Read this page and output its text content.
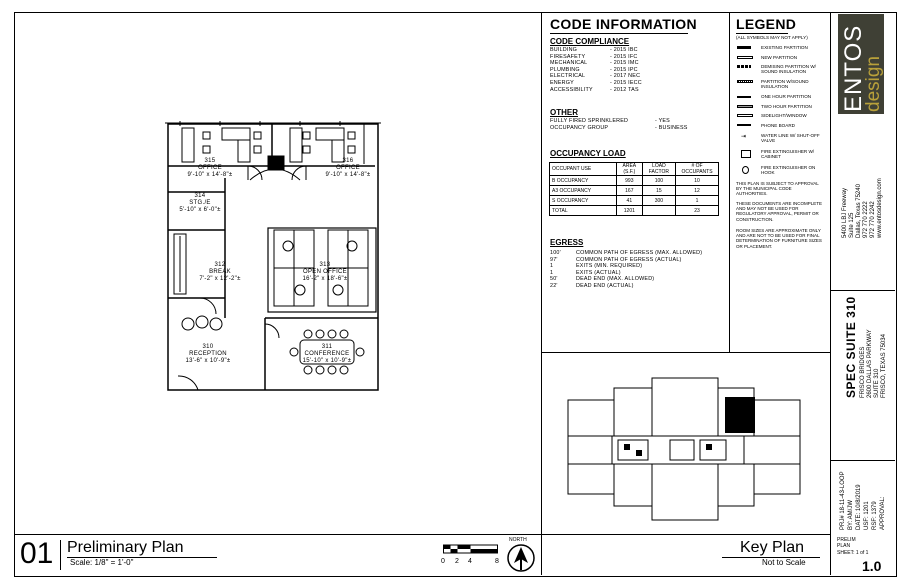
315
OFFICE
9'-10" x 14'-8"±
316
OFFICE
9'-10" x 14'-8"±
314
STG./E
5'-10" x 6'-0"±
312
BREAK
7'-2" x 12'-2"±
313
OPEN OFFICE
16'-2" x 18'-6"±
310
RECEPTION
13'-6" x 10'-9"±
311
CONFERENCE
15'-10" x 10'-9"±
01 Preliminary Plan
Scale: 1/8" = 1'-0"	0 2 4	8
NORTH
CODE INFORMATION
CODE COMPLIANCE
BUILDING	- 2015 IBC
FIRESAFETY	- 2015 IFC
MECHANICAL	- 2015 IMC
PLUMBING	- 2015 IPC
ELECTRICAL	- 2017 NEC
ENERGY	- 2015 IECC
ACCESSIBILITY	- 2012 TAS
OTHER
FULLY FIRED SPRINKLERED	- YES
OCCUPANCY GROUP	- BUSINESS
OCCUPANCY LOAD
OCCUPANT USE	AREA (S.F.)	LOAD FACTOR	# OF OCCUPANTS
B OCCUPANCY	993	100	10
A3 OCCUPANCY	167	15	12
S OCCUPANCY	41	300	1
TOTAL	1201		23
EGRESS
100'	COMMON PATH OF EGRESS (MAX. ALLOWED)
97'	COMMON PATH OF EGRESS (ACTUAL)
1	EXITS (MIN. REQUIRED)
1	EXITS (ACTUAL)
50'	DEAD END (MAX. ALLOWED)
22'	DEAD END (ACTUAL)
LEGEND
(ALL SYMBOLS MAY NOT APPLY)
EXISTING PARTITION
NEW PARTITION
DEMISING PARTITION W/ SOUND INSULATION
PARTITION W/SOUND INSULATION
ONE HOUR PARTITION
TWO HOUR PARTITION
SIDELIGHT/WINDOW
PHONE BOARD
⇥	WATER LINE W/ SHUT-OFF VALVE
FIRE EXTINGUISHER W/ CABINET
FIRE EXTINGUISHER ON HOOK
THIS PLAN IS SUBJECT TO APPROVAL BY THE MUNICIPAL CODE AUTHORITIES.
THESE DOCUMENTS ARE INCOMPLETE AND MAY NOT BE USED FOR REGULATORY APPROVAL, PERMIT OR CONSTRUCTION.
ROOM SIZES ARE APPROXIMATE ONLY AND ARE NOT TO BE USED FOR FINAL DETERMINATION OF FURNITURE SIZES OR PLACEMENT.
Key Plan
Not to Scale
ENTOS
design
5400 LBJ Freeway Suite 125 Dallas, Texas 75240 972 770 2222 972 770 2242 www.entosdesign.com
SPEC SUITE 310 FRISCO BRIDGES 2600 DALLAS PARKWAY SUITE 310 FRISCO, TEXAS 75034
PRJ# 18-11-43-LOOP BY: AM/JW DATE: 10/8/2019 USF: 1201 RSF: 1379 APPROVAL:
PRELIM PLAN
SHEET: 1 of 1
1.0
